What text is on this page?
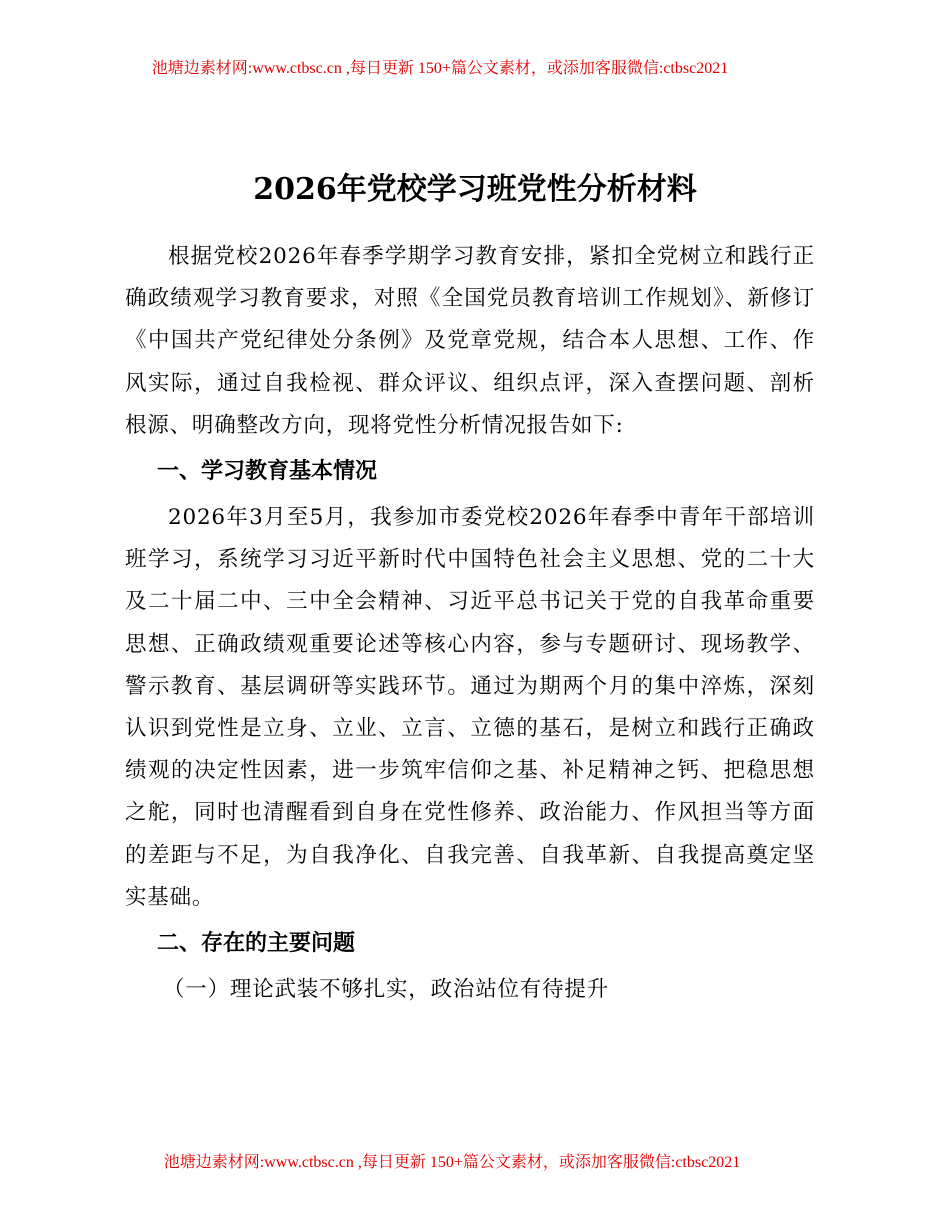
池塘边素材网:www.ctbsc.cn ,每日更新 150+篇公文素材，或添加客服微信:ctbsc2021
2026年党校学习班党性分析材料

根据党校2026年春季学期学习教育安排，紧扣全党树立和践行正确政绩观学习教育要求，对照《全国党员教育培训工作规划》、新修订《中国共产党纪律处分条例》及党章党规，结合本人思想、工作、作风实际，通过自我检视、群众评议、组织点评，深入查摆问题、剖析根源、明确整改方向，现将党性分析情况报告如下:

一、学习教育基本情况

2026年3月至5月，我参加市委党校2026年春季中青年干部培训班学习，系统学习习近平新时代中国特色社会主义思想、党的二十大及二十届二中、三中全会精神、习近平总书记关于党的自我革命重要思想、正确政绩观重要论述等核心内容，参与专题研讨、现场教学、警示教育、基层调研等实践环节。通过为期两个月的集中淬炼，深刻认识到党性是立身、立业、立言、立德的基石，是树立和践行正确政绩观的决定性因素，进一步筑牢信仰之基、补足精神之钙、把稳思想之舵，同时也清醒看到自身在党性修养、政治能力、作风担当等方面的差距与不足，为自我净化、自我完善、自我革新、自我提高奠定坚实基础。

二、存在的主要问题

（一）理论武装不够扎实，政治站位有待提升

池塘边素材网:www.ctbsc.cn ,每日更新 150+篇公文素材，或添加客服微信:ctbsc2021
